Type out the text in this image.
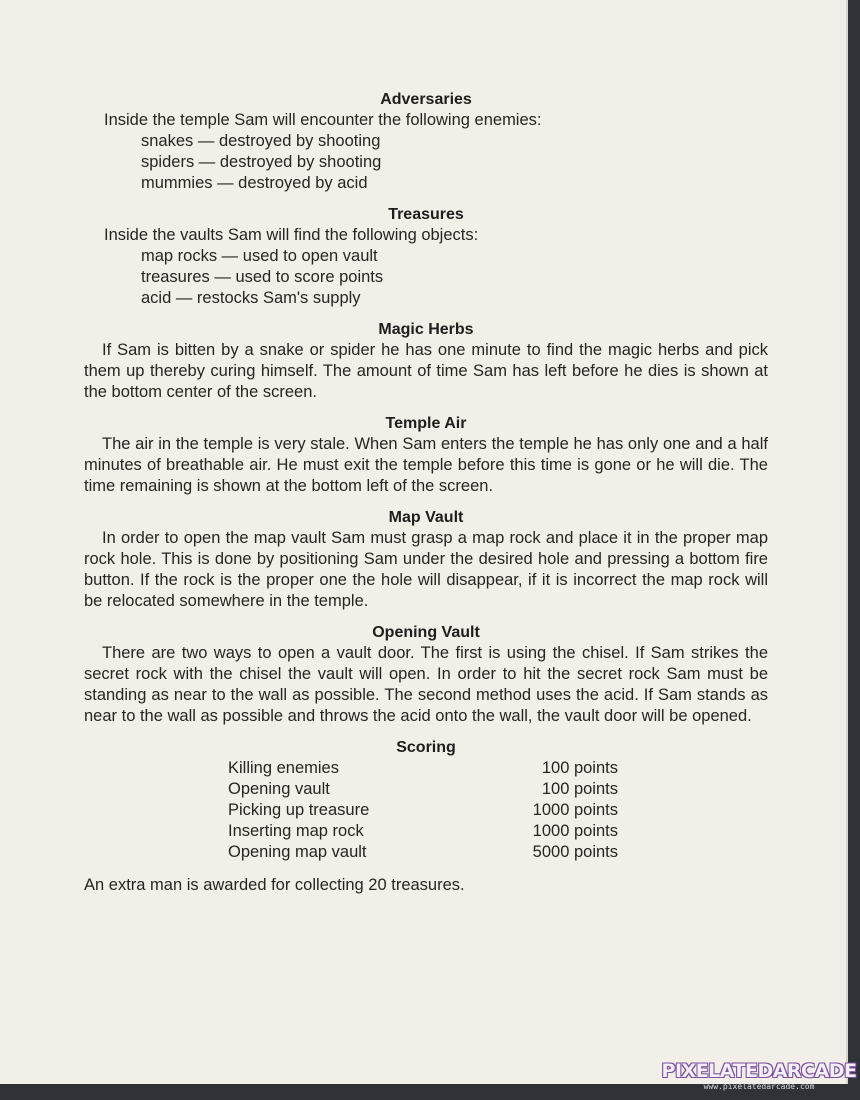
Adversaries
Inside the temple Sam will encounter the following enemies:
snakes — destroyed by shooting
spiders — destroyed by shooting
mummies — destroyed by acid
Treasures
Inside the vaults Sam will find the following objects:
map rocks — used to open vault
treasures — used to score points
acid — restocks Sam's supply
Magic Herbs
If Sam is bitten by a snake or spider he has one minute to find the magic herbs and pick them up thereby curing himself. The amount of time Sam has left before he dies is shown at the bottom center of the screen.
Temple Air
The air in the temple is very stale. When Sam enters the temple he has only one and a half minutes of breathable air. He must exit the temple before this time is gone or he will die. The time remaining is shown at the bottom left of the screen.
Map Vault
In order to open the map vault Sam must grasp a map rock and place it in the proper map rock hole. This is done by positioning Sam under the desired hole and pressing a bottom fire button. If the rock is the proper one the hole will disappear, if it is incorrect the map rock will be relocated somewhere in the temple.
Opening Vault
There are two ways to open a vault door. The first is using the chisel. If Sam strikes the secret rock with the chisel the vault will open. In order to hit the secret rock Sam must be standing as near to the wall as possible. The second method uses the acid. If Sam stands as near to the wall as possible and throws the acid onto the wall, the vault door will be opened.
Scoring
Killing enemies	100 points
Opening vault	100 points
Picking up treasure	1000 points
Inserting map rock	1000 points
Opening map vault	5000 points
An extra man is awarded for collecting 20 treasures.
PIXELATEDARCADE
www.pixelatedarcade.com
